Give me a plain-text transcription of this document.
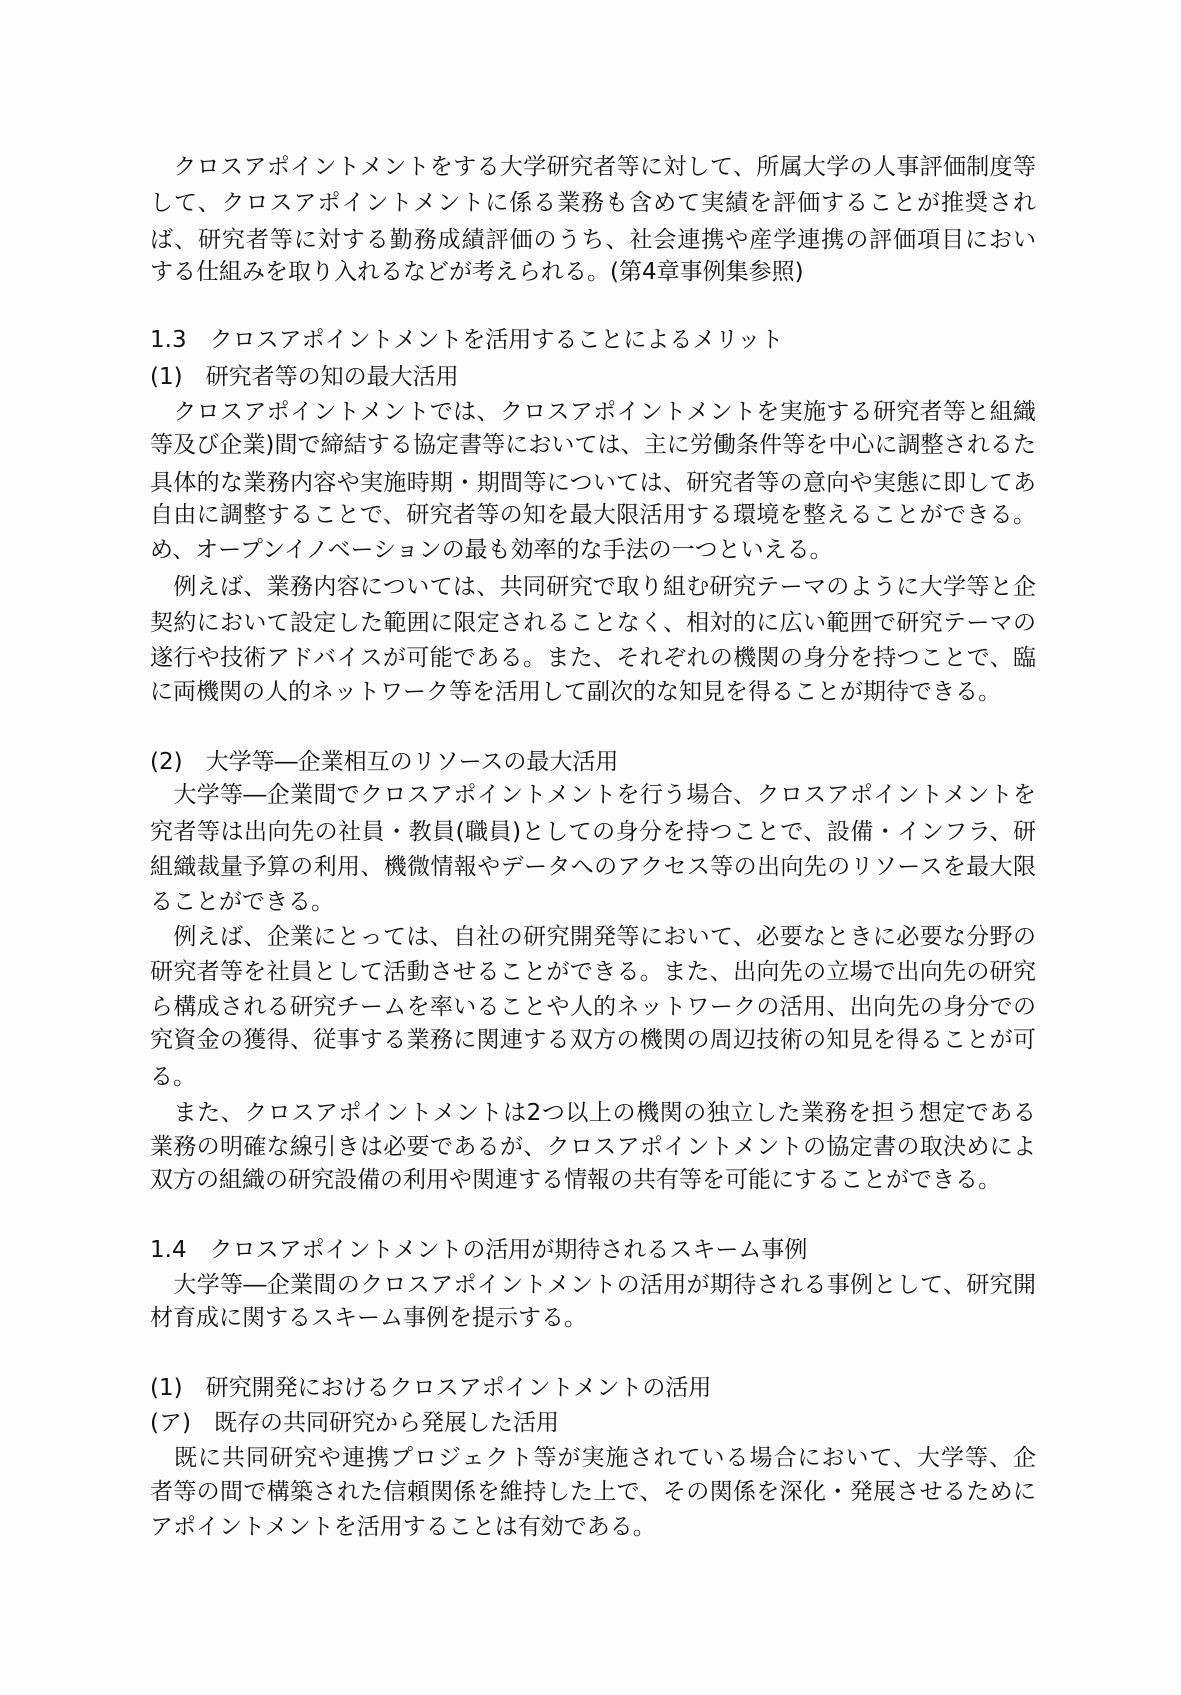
　クロスアポイントメントをする大学研究者等に対して、所属大学の人事評価制度等
して、クロスアポイントメントに係る業務も含めて実績を評価することが推奨され
ば、研究者等に対する勤務成績評価のうち、社会連携や産学連携の評価項目におい
する仕組みを取り入れるなどが考えられる。(第4章事例集参照)
1.3　クロスアポイントメントを活用することによるメリット
(1)　研究者等の知の最大活用
　クロスアポイントメントでは、クロスアポイントメントを実施する研究者等と組織
等及び企業)間で締結する協定書等においては、主に労働条件等を中心に調整されるた
具体的な業務内容や実施時期・期間等については、研究者等の意向や実態に即してあ
自由に調整することで、研究者等の知を最大限活用する環境を整えることができる。
め、オープンイノベーションの最も効率的な手法の一つといえる。
　例えば、業務内容については、共同研究で取り組む研究テーマのように大学等と企
契約において設定した範囲に限定されることなく、相対的に広い範囲で研究テーマの
遂行や技術アドバイスが可能である。また、それぞれの機関の身分を持つことで、臨
に両機関の人的ネットワーク等を活用して副次的な知見を得ることが期待できる。
(2)　大学等―企業相互のリソースの最大活用
　大学等―企業間でクロスアポイントメントを行う場合、クロスアポイントメントを
究者等は出向先の社員・教員(職員)としての身分を持つことで、設備・インフラ、研
組織裁量予算の利用、機微情報やデータへのアクセス等の出向先のリソースを最大限
ることができる。
　例えば、企業にとっては、自社の研究開発等において、必要なときに必要な分野の
研究者等を社員として活動させることができる。また、出向先の立場で出向先の研究
ら構成される研究チームを率いることや人的ネットワークの活用、出向先の身分での
究資金の獲得、従事する業務に関連する双方の機関の周辺技術の知見を得ることが可
る。
　また、クロスアポイントメントは2つ以上の機関の独立した業務を担う想定である
業務の明確な線引きは必要であるが、クロスアポイントメントの協定書の取決めによ
双方の組織の研究設備の利用や関連する情報の共有等を可能にすることができる。
1.4　クロスアポイントメントの活用が期待されるスキーム事例
　大学等―企業間のクロスアポイントメントの活用が期待される事例として、研究開
材育成に関するスキーム事例を提示する。
(1)　研究開発におけるクロスアポイントメントの活用
(ア)　既存の共同研究から発展した活用
　既に共同研究や連携プロジェクト等が実施されている場合において、大学等、企
者等の間で構築された信頼関係を維持した上で、その関係を深化・発展させるために
アポイントメントを活用することは有効である。
